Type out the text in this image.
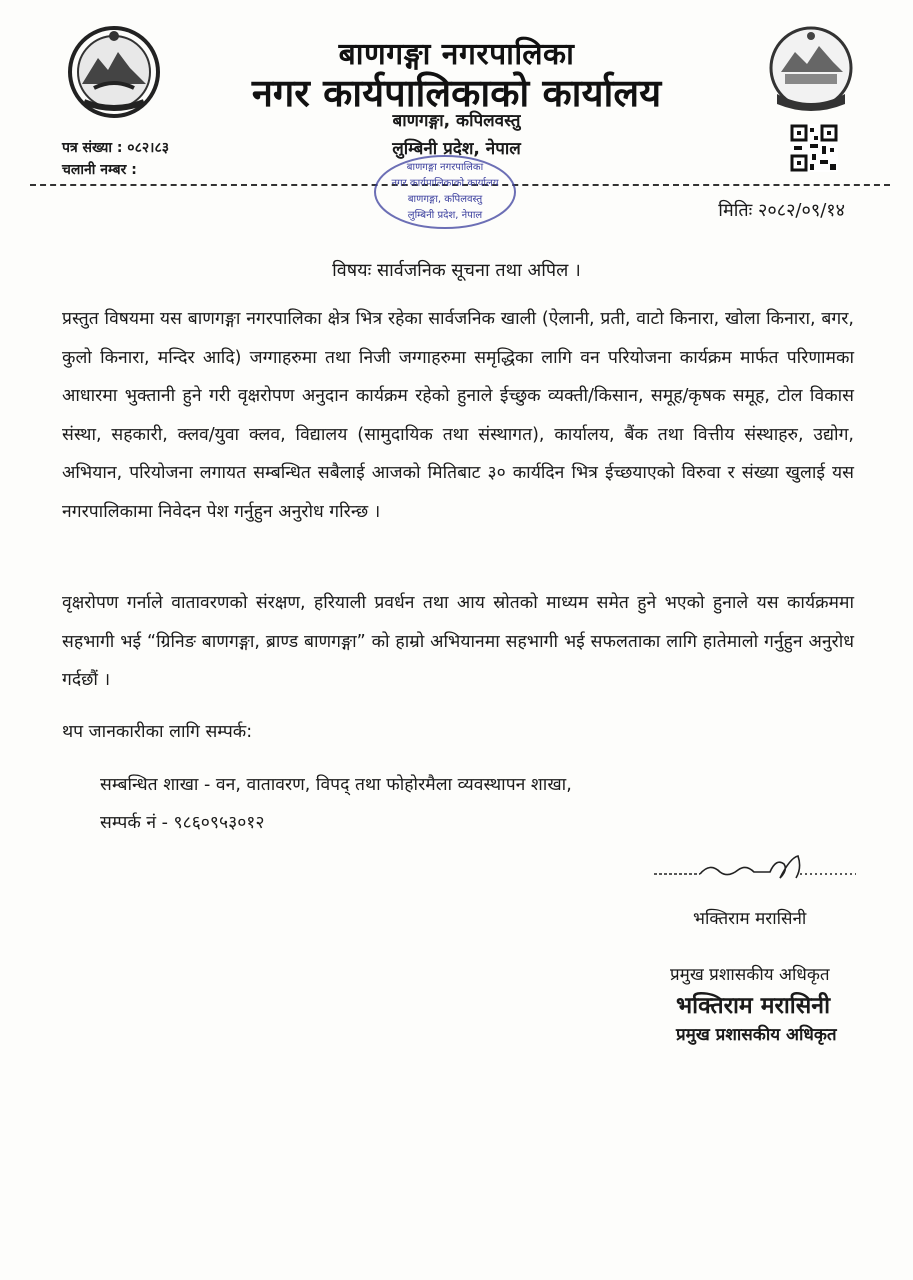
बाणगङ्गा नगरपालिका
नगर कार्यपालिकाको कार्यालय
बाणगङ्गा, कपिलवस्तु
लुम्बिनी प्रदेश, नेपाल
पत्र संख्या : ०८२।८३
चलानी नम्बर :	बाणगङ्गा नगरपालिका
नगर कार्यपालिकाको कार्यालय
बाणगङ्गा, कपिलवस्तु
लुम्बिनी प्रदेश, नेपाल	मितिः २०८२/०९/१४
विषयः सार्वजनिक सूचना तथा अपिल ।
प्रस्तुत विषयमा यस बाणगङ्गा नगरपालिका क्षेत्र भित्र रहेका सार्वजनिक खाली (ऐलानी, प्रती, वाटो किनारा, खोला किनारा, बगर, कुलो किनारा, मन्दिर आदि) जग्गाहरुमा तथा निजी जग्गाहरुमा समृद्धिका लागि वन परियोजना कार्यक्रम मार्फत परिणामका आधारमा भुक्तानी हुने गरी वृक्षरोपण अनुदान कार्यक्रम रहेको हुनाले ईच्छुक व्यक्ती/किसान, समूह/कृषक समूह, टोल विकास संस्था, सहकारी, क्लव/युवा क्लव, विद्यालय (सामुदायिक तथा संस्थागत), कार्यालय, बैंक तथा वित्तीय संस्थाहरु, उद्योग, अभियान, परियोजना लगायत सम्बन्धित सबैलाई आजको मितिबाट ३० कार्यदिन भित्र ईच्छयाएको विरुवा र संख्या खुलाई यस नगरपालिकामा निवेदन पेश गर्नुहुन अनुरोध गरिन्छ ।
वृक्षरोपण गर्नाले वातावरणको संरक्षण, हरियाली प्रवर्धन तथा आय स्रोतको माध्यम समेत हुने भएको हुनाले यस कार्यक्रममा सहभागी भई “ग्रिनिङ बाणगङ्गा, ब्राण्ड बाणगङ्गा” को हाम्रो अभियानमा सहभागी भई सफलताका लागि हातेमालो गर्नुहुन अनुरोध गर्दछौं ।
थप जानकारीका लागि सम्पर्क:
सम्बन्धित शाखा - वन, वातावरण, विपद् तथा फोहोरमैला व्यवस्थापन शाखा,
सम्पर्क नं - ९८६०९५३०१२
भक्तिराम मरासिनी
प्रमुख प्रशासकीय अधिकृत
भक्तिराम मरासिनी
प्रमुख प्रशासकीय अधिकृत
